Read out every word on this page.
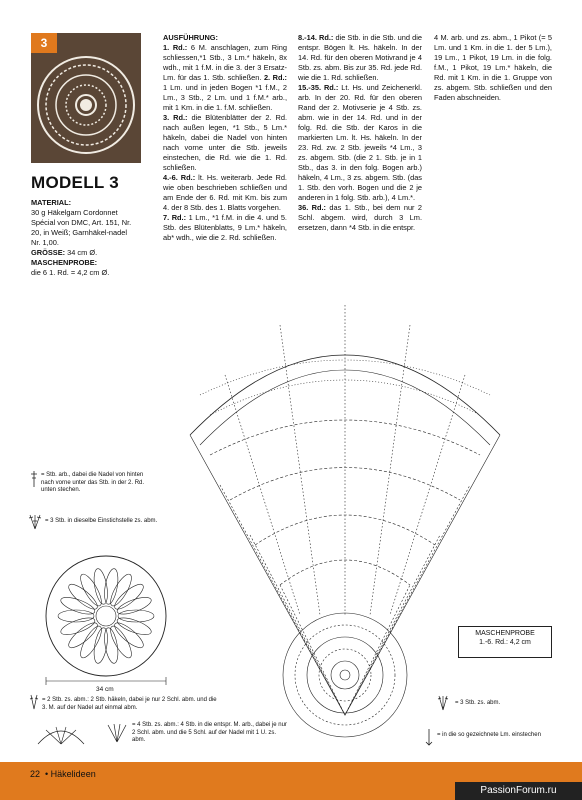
3
MODELL 3

MATERIAL:

30 g Häkelgarn Cordonnet Spécial von DMC, Art. 151, Nr. 20, in Weiß; Garnhäkel-nadel Nr. 1,00.

GRÖSSE: 34 cm Ø.

MASCHENPROBE:

die 6 1. Rd. = 4,2 cm Ø.

AUSFÜHRUNG:

1. Rd.: 6 M. anschlagen, zum Ring schliessen,*1 Stb., 3 Lm.* häkeln, 8x wdh., mit 1 f.M. in die 3. der 3 Ersatz-Lm. für das 1. Stb. schließen. 2. Rd.: 1 Lm. und in jeden Bogen *1 f.M., 2 Lm., 3 Stb., 2 Lm. und 1 f.M.* arb., mit 1 Km. in die 1. f.M. schließen.

3. Rd.: die Blütenblätter der 2. Rd. nach außen legen, *1 Stb., 5 Lm.* häkeln, dabei die Nadel von hinten nach vorne unter die Stb. jeweils einstechen, die Rd. wie die 1. Rd. schließen.

4.-6. Rd.: lt. Hs. weiterarb. Jede Rd. wie oben beschrieben schließen und am Ende der 6. Rd. mit Km. bis zum 4. der 8 Stb. des 1. Blatts vorgehen.

7. Rd.: 1 Lm., *1 f.M. in die 4. und 5. Stb. des Blütenblatts, 9 Lm.* häkeln, ab* wdh., wie die 2. Rd. schließen.

8.-14. Rd.: die Stb. in die Stb. und die entspr. Bögen lt. Hs. häkeln. In der 14. Rd. für den oberen Motivrand je 4 Stb. zs. abm. Bis zur 35. Rd. jede Rd. wie die 1. Rd. schließen.

15.-35. Rd.: Lt. Hs. und Zeichenerkl. arb. In der 20. Rd. für den oberen Rand der 2. Motivserie je 4 Stb. zs. abm. wie in der 14. Rd. und in der folg. Rd. die Stb. der Karos in die markierten Lm. lt. Hs. häkeln. In der 23. Rd. zw. 2 Stb. jeweils *4 Lm., 3 zs. abgem. Stb. (die 2 1. Stb. je in 1 Stb., das 3. in den folg. Bogen arb.) häkeln, 4 Lm., 3 zs. abgem. Stb. (das 1. Stb. den vorh. Bogen und die 2 je anderen in 1 folg. Stb. arb.), 4 Lm.*.

36. Rd.: das 1. Stb., bei dem nur 2 Schl. abgem. wird, durch 3 Lm. ersetzen, dann *4 Stb. in die entspr.

4 M. arb. und zs. abm., 1 Pikot (= 5 Lm. und 1 Km. in die 1. der 5 Lm.), 19 Lm., 1 Pikot, 19 Lm. in die folg. f.M., 1 Pikot, 19 Lm.* häkeln, die Rd. mit 1 Km. in die 1. Gruppe von zs. abgem. Stb. schließen und den Faden abschneiden.

= Stb. arb., dabei die Nadel von hinten nach vorne unter das Stb. in der 2. Rd. unten stechen.
= 3 Stb. in dieselbe Einstichstelle zs. abm.
34 cm
= 2 Stb. zs. abm.: 2 Stb. häkeln, dabei je nur 2 Schl. abm. und die 3. M. auf der Nadel auf einmal abm.
= 4 Stb. zs. abm.: 4 Stb. in die entspr. M. arb., dabei je nur 2 Schl. abm. und die 5 Schl. auf der Nadel mit 1 U. zs. abm.
= 3 Stb. zs. abm.
= in die so gezeichnete Lm. einstechen
MASCHENPROBE
1.-6. Rd.: 4,2 cm
22  • Häkelideen
PassionForum.ru
